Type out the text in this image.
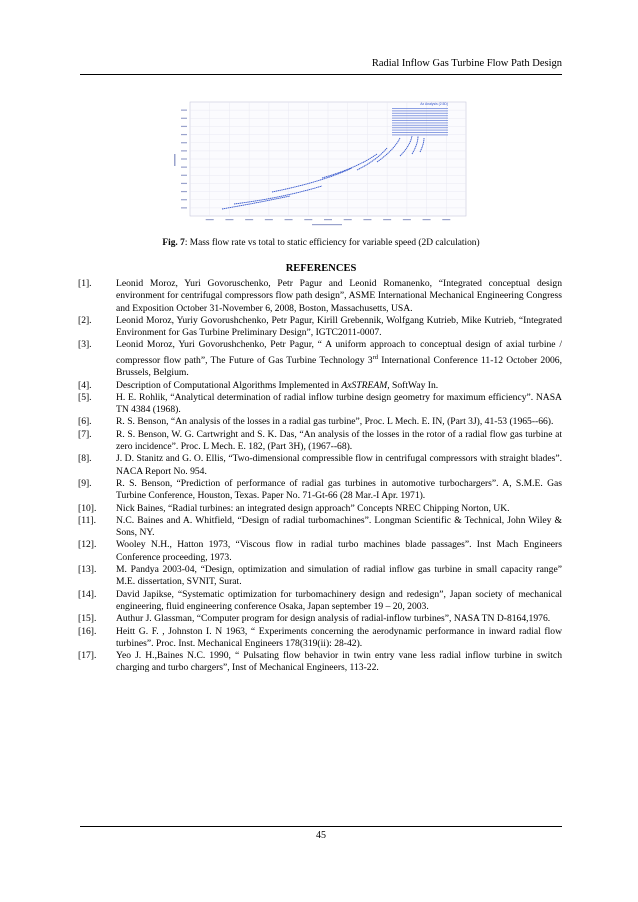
Radial Inflow Gas Turbine Flow Path Design
Ax Analysis (2.5D)
Fig. 7: Mass flow rate vs total to static efficiency for variable speed (2D calculation)
REFERENCES
[1].	Leonid Moroz, Yuri Govoruschenko, Petr Pagur and Leonid Romanenko, “Integrated conceptual design environment for centrifugal compressors flow path design”, ASME International Mechanical Engineering Congress and Exposition October 31-November 6, 2008, Boston, Massachusetts, USA.
[2].	Leonid Moroz, Yuriy Govorushchenko, Petr Pagur, Kirill Grebennik, Wolfgang Kutrieb, Mike Kutrieb, “Integrated Environment for Gas Turbine Preliminary Design”, IGTC2011-0007.
[3].	Leonid Moroz, Yuri Govorushchenko, Petr Pagur, “ A uniform approach to conceptual design of axial turbine / compressor flow path”, The Future of Gas Turbine Technology 3rd International Conference 11-12 October 2006, Brussels, Belgium.
[4].	Description of Computational Algorithms Implemented in AxSTREAM, SoftWay In.
[5].	H. E. Rohlik, “Analytical determination of radial inflow turbine design geometry for maximum efficiency”. NASA TN 4384 (1968).
[6].	R. S. Benson, “An analysis of the losses in a radial gas turbine”, Proc. L Mech. E. IN, (Part 3J), 41-53 (1965--66).
[7].	R. S. Benson, W. G. Cartwright and S. K. Das, “An analysis of the losses in the rotor of a radial flow gas turbine at zero incidence”. Proc. L Mech. E. 182, (Part 3H), (1967--68).
[8].	J. D. Stanitz and G. O. Ellis, “Two-dimensional compressible flow in centrifugal compressors with straight blades”. NACA Report No. 954.
[9].	R. S. Benson, “Prediction of performance of radial gas turbines in automotive turbochargers”. A, S.M.E. Gas Turbine Conference, Houston, Texas. Paper No. 71-Gt-66 (28 Mar.-I Apr. 1971).
[10].	Nick Baines, “Radial turbines: an integrated design approach” Concepts NREC Chipping Norton, UK.
[11].	N.C. Baines and A. Whitfield, “Design of radial turbomachines”. Longman Scientific & Technical, John Wiley & Sons, NY.
[12].	Wooley N.H., Hatton 1973, “Viscous flow in radial turbo machines blade passages”. Inst Mach Engineers Conference proceeding, 1973.
[13].	M. Pandya 2003-04, “Design, optimization and simulation of radial inflow gas turbine in small capacity range” M.E. dissertation, SVNIT, Surat.
[14].	David Japikse, “Systematic optimization for turbomachinery design and redesign”, Japan society of mechanical engineering, fluid engineering conference Osaka, Japan september 19 – 20, 2003.
[15].	Authur J. Glassman, “Computer program for design analysis of radial-inflow turbines”, NASA TN D-8164,1976.
[16].	Heitt G. F. , Johnston I. N 1963, “ Experiments concerning the aerodynamic performance in inward radial flow turbines”. Proc. Inst. Mechanical Engineers 178(319(ii): 28-42).
[17].	Yeo J. H.,Baines N.C. 1990, “ Pulsating flow behavior in twin entry vane less radial inflow turbine in switch charging and turbo chargers”, Inst of Mechanical Engineers, 113-22.
45
